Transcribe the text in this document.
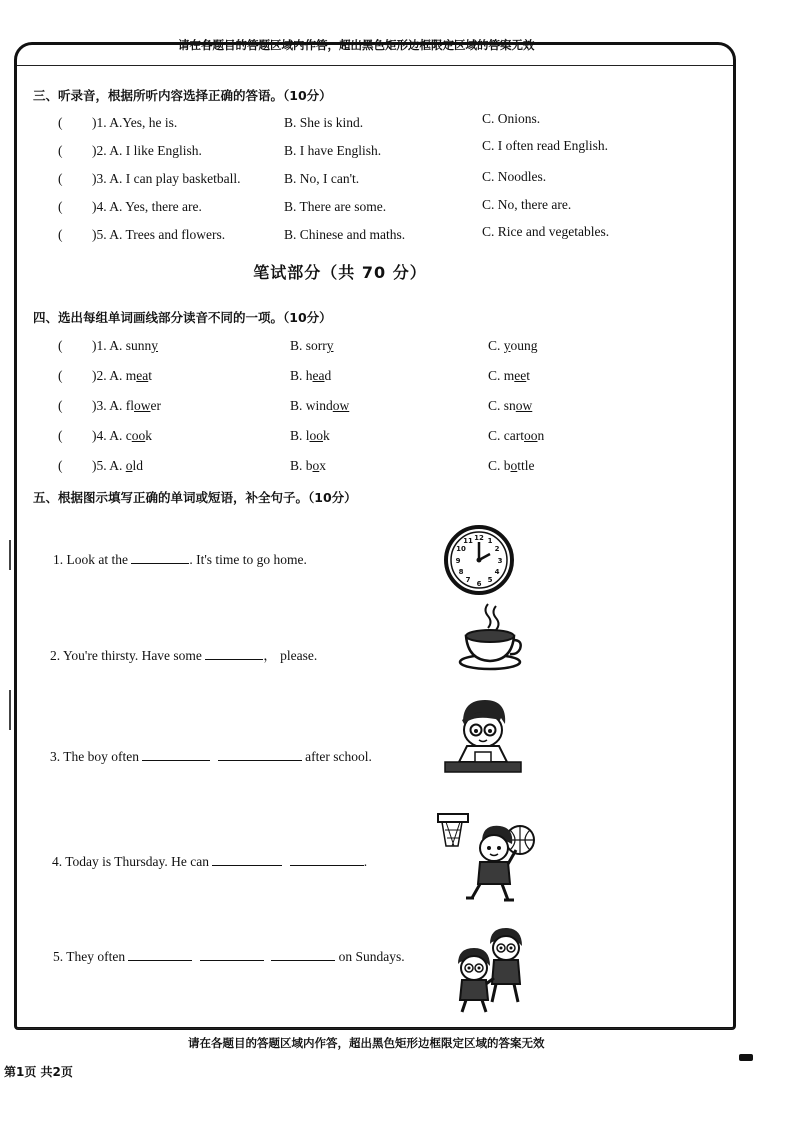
请在各题目的答题区域内作答，超出黑色矩形边框限定区域的答案无效
三、听录音，根据所听内容选择正确的答语。（10分）
( )1. A.Yes, he is.	B. She is kind.	C. Onions.
( )2. A. I like English.	B. I have English.	C. I often read English.
( )3. A. I can play basketball.	B. No, I can't.	C. Noodles.
( )4. A. Yes, there are.	B. There are some.	C. No, there are.
( )5. A. Trees and flowers.	B. Chinese and maths.	C. Rice and vegetables.
笔试部分（共 70 分）
四、选出每组单词画线部分读音不同的一项。（10分）
( )1. A. sunny	B. sorry	C. young
( )2. A. meat	B. head	C. meet
( )3. A. flower	B. window	C. snow
( )4. A. cook	B. look	C. cartoon
( )5. A. old	B. box	C. bottle
五、根据图示填写正确的单词或短语，补全句子。（10分）
1. Look at the	. It's time to go home.
12 1
2
3
4
5
6
7
8
9
10
11
2. You're thirsty. Have some	， please.
3. The boy often	after school.
4. Today is Thursday. He can	.
5. They often	on Sundays.
请在各题目的答题区域内作答，超出黑色矩形边框限定区域的答案无效
第1页 共2页
